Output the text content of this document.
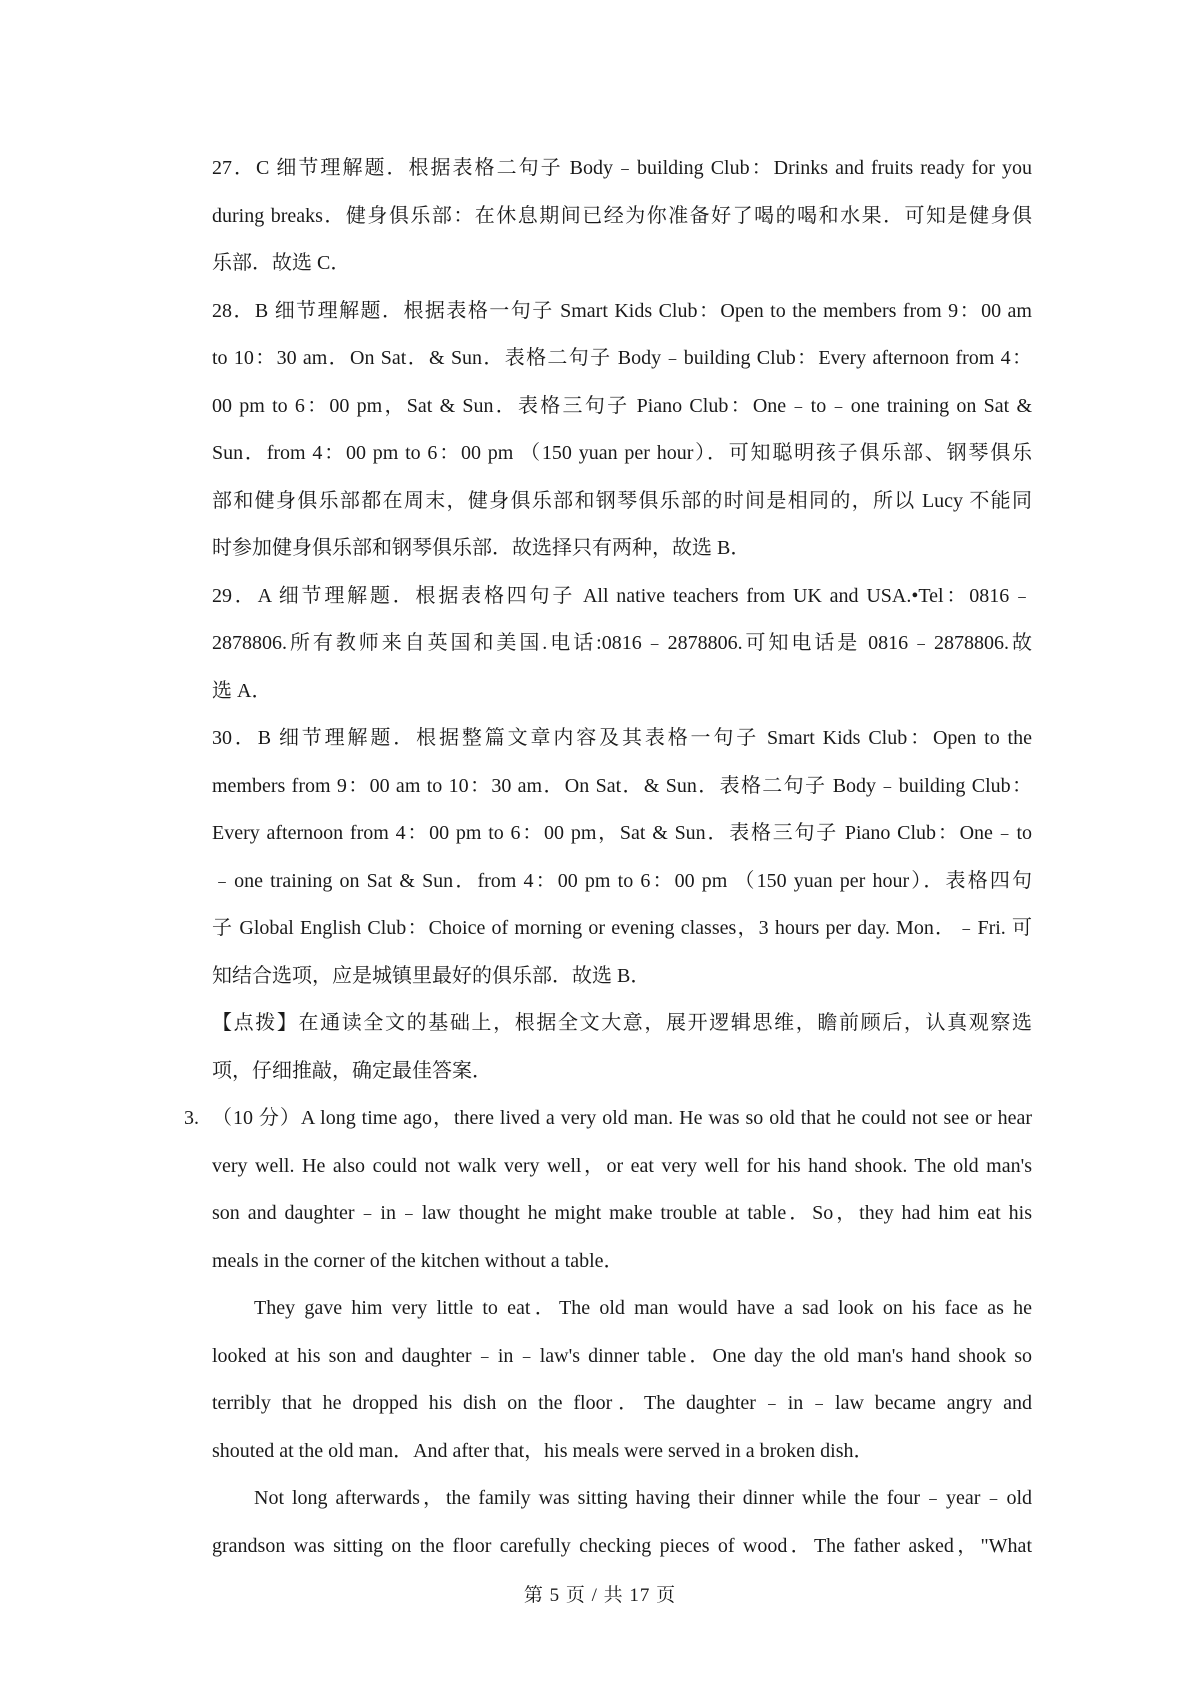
27．C 细节理解题．根据表格二句子 Body﹣building Club：Drinks and fruits ready for you
during breaks．健身俱乐部：在休息期间已经为你准备好了喝的喝和水果．可知是健身俱
乐部．故选 C．
28．B 细节理解题．根据表格一句子 Smart Kids Club：Open to the members from 9：00 am
to 10：30 am．On Sat．& Sun．表格二句子 Body﹣building Club：Every afternoon from 4：
00 pm to 6：00 pm，Sat & Sun．表格三句子 Piano Club：One﹣to﹣one training on Sat &
Sun．from 4：00 pm to 6：00 pm （150 yuan per hour）．可知聪明孩子俱乐部、钢琴俱乐
部和健身俱乐部都在周末，健身俱乐部和钢琴俱乐部的时间是相同的，所以 Lucy 不能同
时参加健身俱乐部和钢琴俱乐部．故选择只有两种，故选 B．
29．A 细节理解题．根据表格四句子 All native teachers from UK and USA.•Tel：0816﹣
2878806.所有教师来自英国和美国.电话:0816﹣2878806.可知电话是 0816﹣2878806.故
选 A．
30．B 细节理解题．根据整篇文章内容及其表格一句子 Smart Kids Club：Open to the
members from 9：00 am to 10：30 am．On Sat．& Sun．表格二句子 Body﹣building Club：
Every afternoon from 4：00 pm to 6：00 pm，Sat & Sun．表格三句子 Piano Club：One﹣to
﹣one training on Sat & Sun．from 4：00 pm to 6：00 pm （150 yuan per hour）．表格四句
子 Global English Club：Choice of morning or evening classes，3 hours per day. Mon．﹣Fri. 可
知结合选项，应是城镇里最好的俱乐部．故选 B．
【点拨】在通读全文的基础上，根据全文大意，展开逻辑思维，瞻前顾后，认真观察选
项，仔细推敲，确定最佳答案．
3. （10 分）A long time ago，there lived a very old man. He was so old that he could not see or hear
very well. He also could not walk very well，or eat very well for his hand shook. The old man's
son and daughter﹣in﹣law thought he might make trouble at table．So，they had him eat his
meals in the corner of the kitchen without a table．
They gave him very little to eat．The old man would have a sad look on his face as he
looked at his son and daughter﹣in﹣law's dinner table．One day the old man's hand shook so
terribly that he dropped his dish on the floor．The daughter﹣in﹣law became angry and
shouted at the old man．And after that，his meals were served in a broken dish．
Not long afterwards，the family was sitting having their dinner while the four﹣year﹣old
grandson was sitting on the floor carefully checking pieces of wood．The father asked，"What
第 5 页 / 共 17 页
